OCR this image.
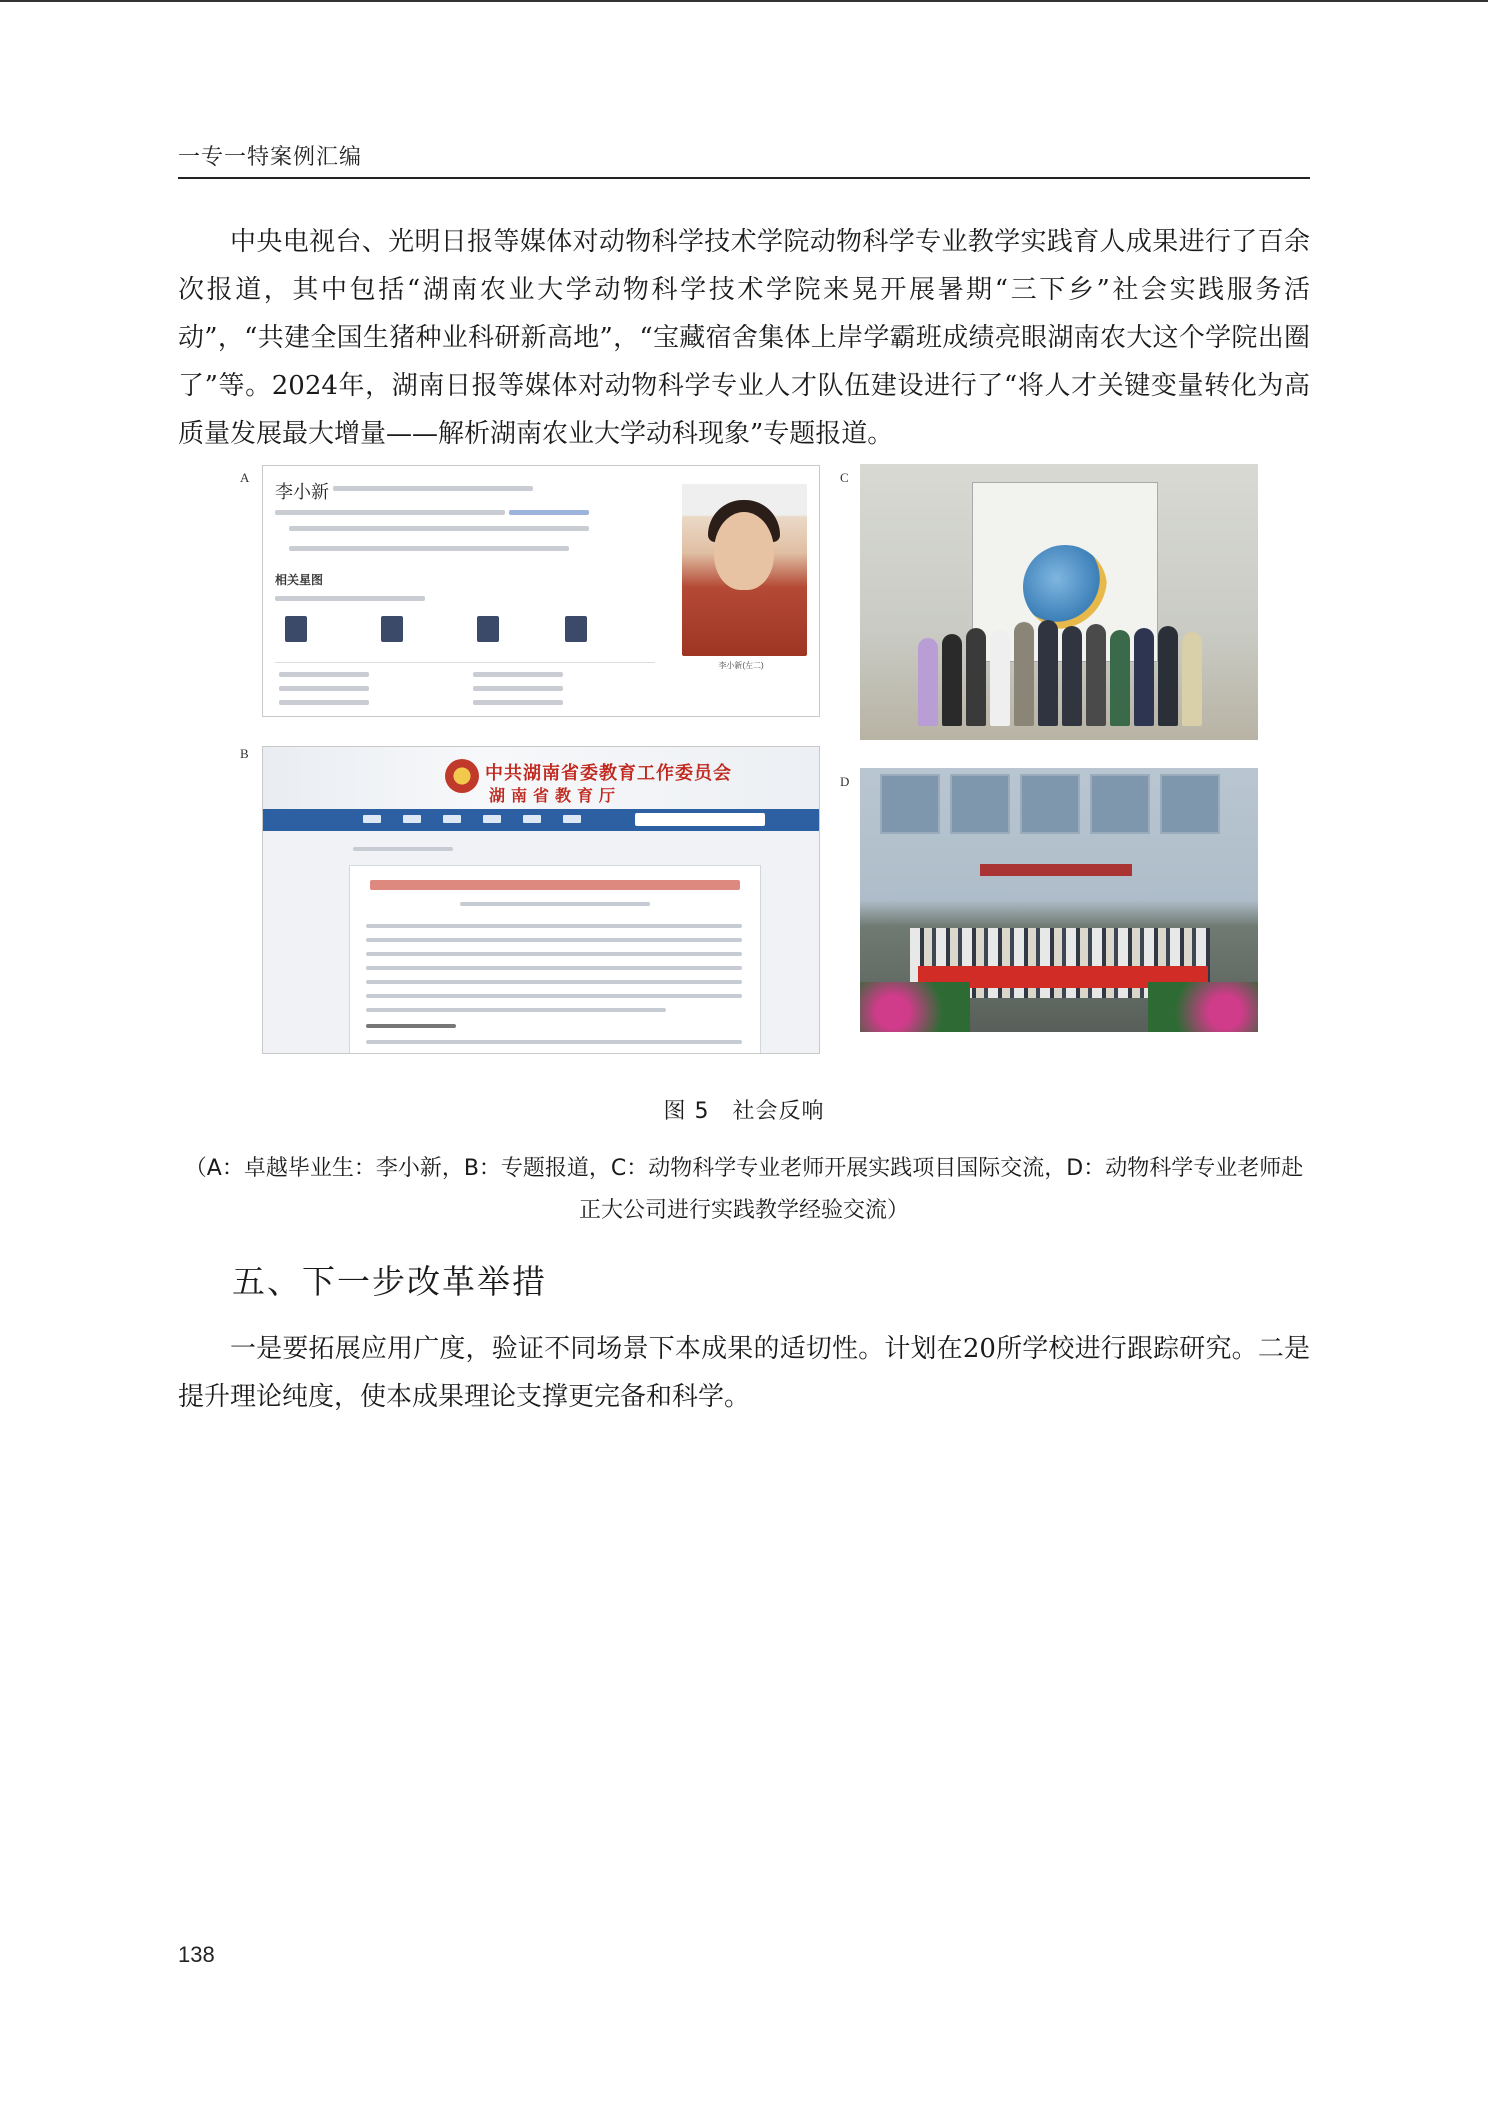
一专一特案例汇编

中央电视台、光明日报等媒体对动物科学技术学院动物科学专业教学实践育人成果进行了百余次报道，其中包括“湖南农业大学动物科学技术学院来晃开展暑期“三下乡”社会实践服务活动”，“共建全国生猪种业科研新高地”，“宝藏宿舍集体上岸学霸班成绩亮眼湖南农大这个学院出圈了”等。2024年，湖南日报等媒体对动物科学专业人才队伍建设进行了“将人才关键变量转化为高质量发展最大增量——解析湖南农业大学动科现象”专题报道。

A
B
C
D
李小新
相关星图
李小新(左二)
中共湖南省委教育工作委员会
湖南省教育厅
图 5　社会反响
（A：卓越毕业生：李小新，B：专题报道，C：动物科学专业老师开展实践项目国际交流，D：动物科学专业老师赴正大公司进行实践教学经验交流）
五、下一步改革举措

一是要拓展应用广度，验证不同场景下本成果的适切性。计划在20所学校进行跟踪研究。二是提升理论纯度，使本成果理论支撑更完备和科学。

138
